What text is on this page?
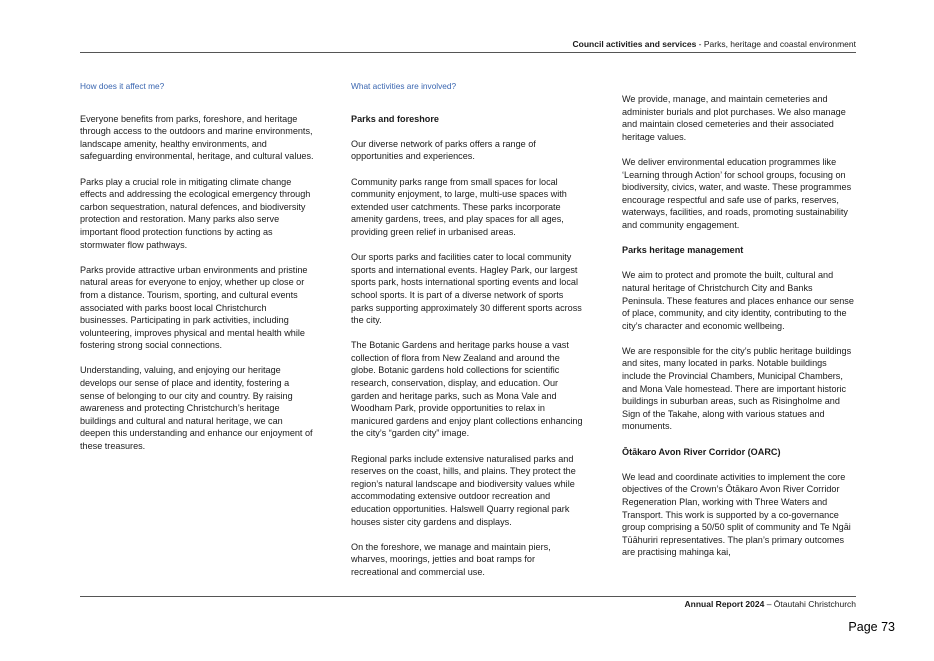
Council activities and services - Parks, heritage and coastal environment

How does it affect me?

Everyone benefits from parks, foreshore, and heritage through access to the outdoors and marine environments, landscape amenity, healthy environments, and safeguarding environmental, heritage, and cultural values.

Parks play a crucial role in mitigating climate change effects and addressing the ecological emergency through carbon sequestration, natural defences, and biodiversity protection and restoration. Many parks also serve important flood protection functions by acting as stormwater flow pathways.

Parks provide attractive urban environments and pristine natural areas for everyone to enjoy, whether up close or from a distance. Tourism, sporting, and cultural events associated with parks boost local Christchurch businesses. Participating in park activities, including volunteering, improves physical and mental health while fostering strong social connections.

Understanding, valuing, and enjoying our heritage develops our sense of place and identity, fostering a sense of belonging to our city and country. By raising awareness and protecting Christchurch’s heritage buildings and cultural and natural heritage, we can deepen this understanding and enhance our enjoyment of these treasures.

What activities are involved?

Parks and foreshore

Our diverse network of parks offers a range of opportunities and experiences.

Community parks range from small spaces for local community enjoyment, to large, multi-use spaces with extended user catchments. These parks incorporate amenity gardens, trees, and play spaces for all ages, providing green relief in urbanised areas.

Our sports parks and facilities cater to local community sports and international events. Hagley Park, our largest sports park, hosts international sporting events and local school sports. It is part of a diverse network of sports parks supporting approximately 30 different sports across the city.

The Botanic Gardens and heritage parks house a vast collection of flora from New Zealand and around the globe. Botanic gardens hold collections for scientific research, conservation, display, and education. Our garden and heritage parks, such as Mona Vale and Woodham Park, provide opportunities to relax in manicured gardens and enjoy plant collections enhancing the city’s “garden city” image.

Regional parks include extensive naturalised parks and reserves on the coast, hills, and plains. They protect the region’s natural landscape and biodiversity values while accommodating extensive outdoor recreation and education opportunities. Halswell Quarry regional park houses sister city gardens and displays.

On the foreshore, we manage and maintain piers, wharves, moorings, jetties and boat ramps for recreational and commercial use.

We provide, manage, and maintain cemeteries and administer burials and plot purchases. We also manage and maintain closed cemeteries and their associated heritage values.

We deliver environmental education programmes like ‘Learning through Action’ for school groups, focusing on biodiversity, civics, water, and waste. These programmes encourage respectful and safe use of parks, reserves, waterways, facilities, and roads, promoting sustainability and community engagement.

Parks heritage management

We aim to protect and promote the built, cultural and natural heritage of Christchurch City and Banks Peninsula. These features and places enhance our sense of place, community, and city identity, contributing to the city’s character and economic wellbeing.

We are responsible for the city’s public heritage buildings and sites, many located in parks. Notable buildings include the Provincial Chambers, Municipal Chambers, and Mona Vale homestead. There are important historic buildings in suburban areas, such as Risingholme and Sign of the Takahe, along with various statues and monuments.

Ōtākaro Avon River Corridor (OARC)

We lead and coordinate activities to implement the core objectives of the Crown’s Ōtākaro Avon River Corridor Regeneration Plan, working with Three Waters and Transport. This work is supported by a co-governance group comprising a 50/50 split of community and Te Ngāi Tūāhuriri representatives. The plan’s primary outcomes are practising mahinga kai,

Annual Report 2024 – Ōtautahi Christchurch
Page 73
